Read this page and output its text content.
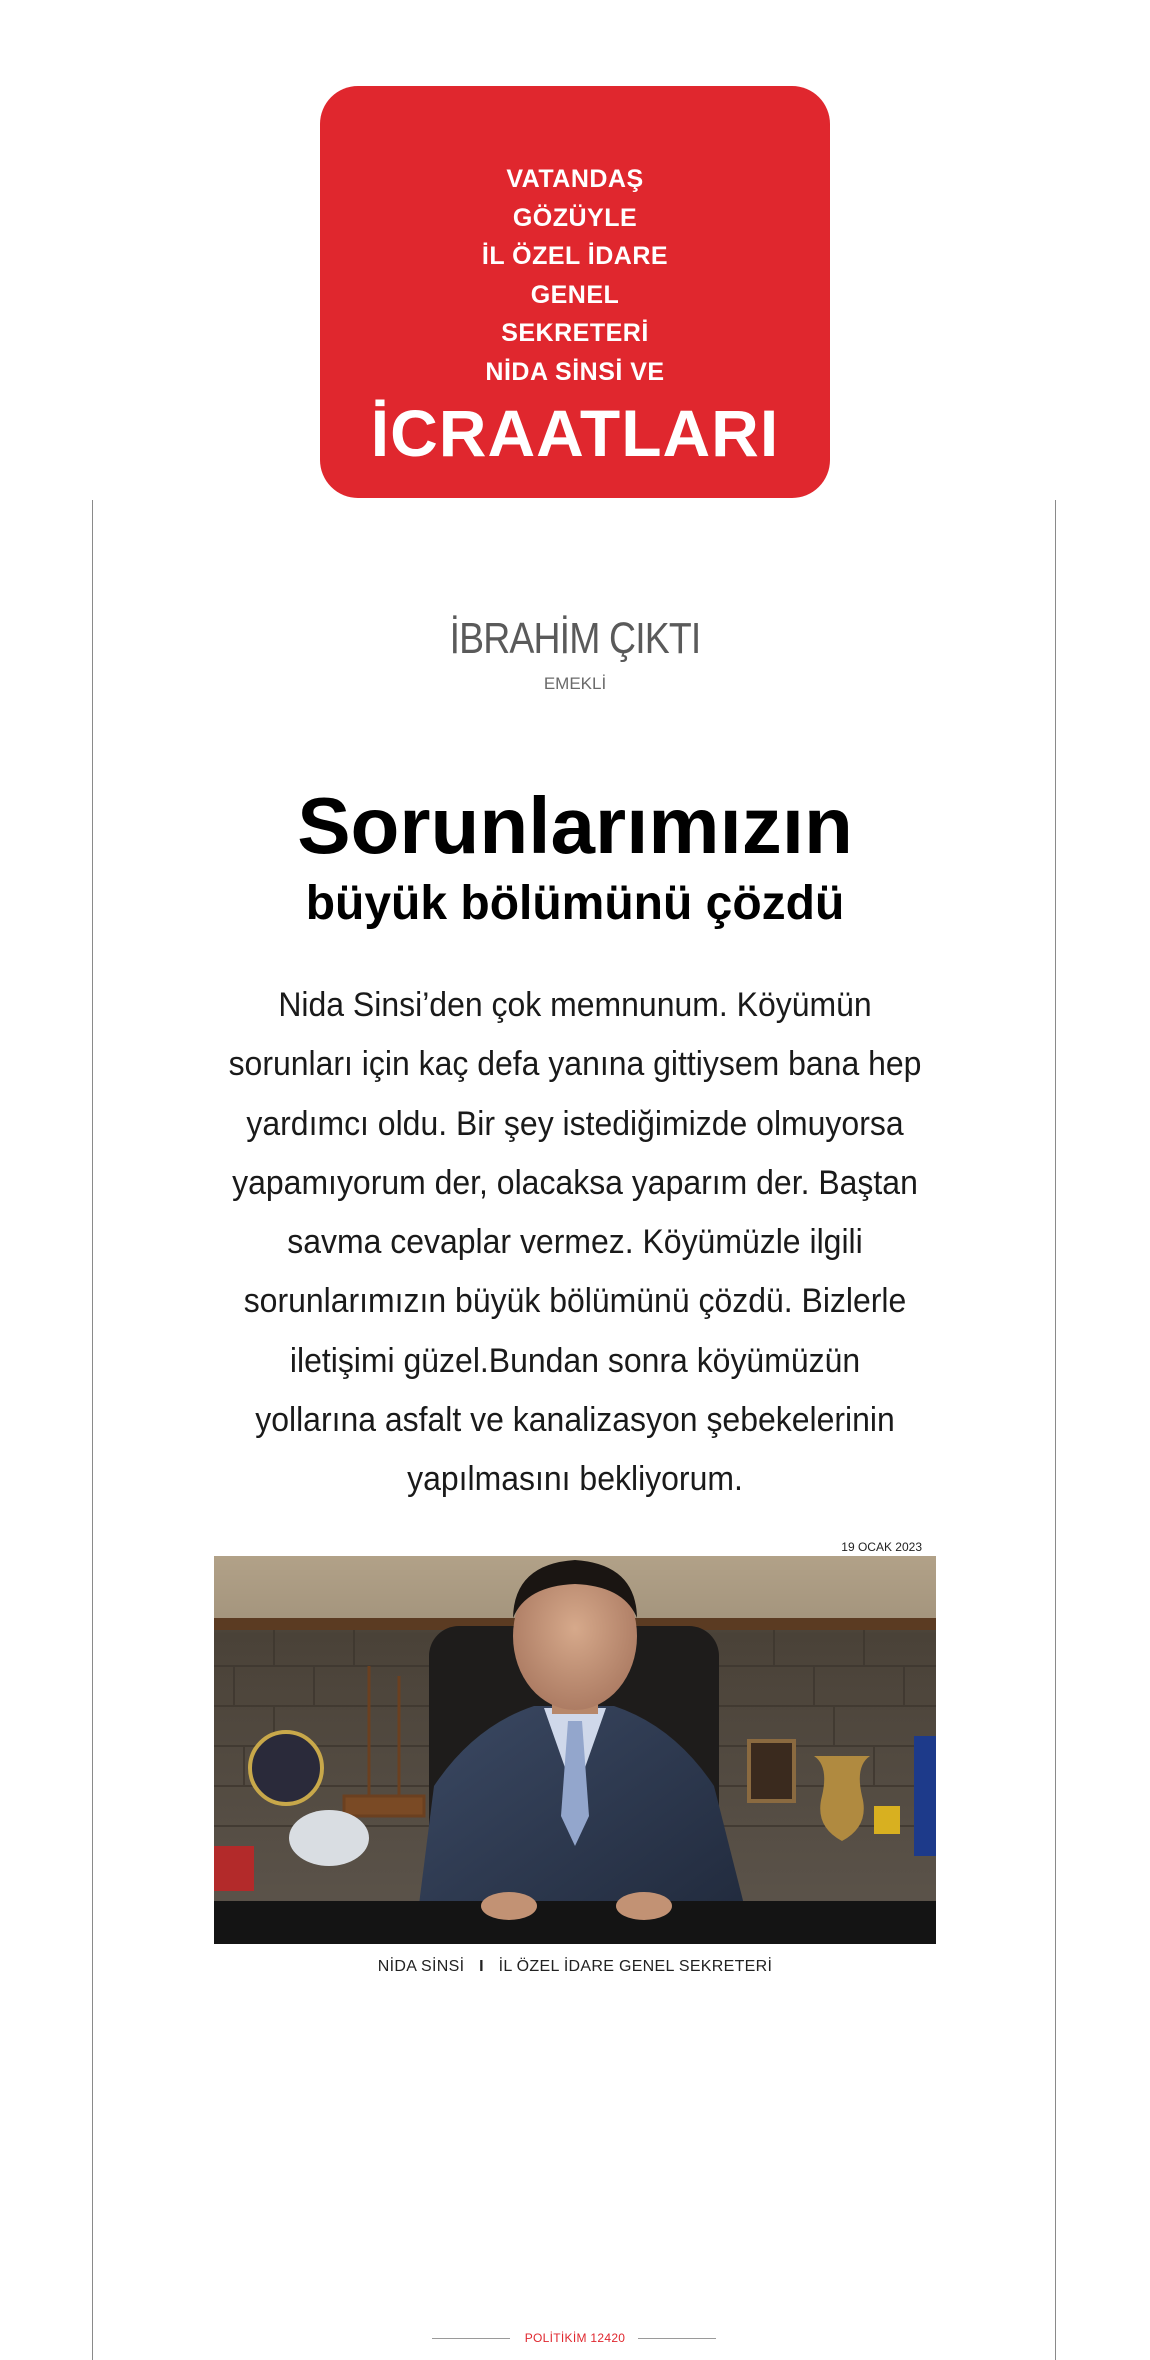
VATANDAŞ
GÖZÜYLE
İL ÖZEL İDARE
GENEL
SEKRETERİ
NİDA SİNSİ VE
İCRAATLARI
İBRAHİM ÇIKTI
EMEKLİ
Sorunlarımızın
büyük bölümünü çözdü
Nida Sinsi’den çok memnunum. Köyümün
sorunları için kaç defa yanına gittiysem bana hep
yardımcı oldu. Bir şey istediğimizde olmuyorsa
yapamıyorum der, olacaksa yaparım der. Baştan
savma cevaplar vermez. Köyümüzle ilgili
sorunlarımızın büyük bölümünü çözdü. Bizlerle
iletişimi güzel.Bundan sonra köyümüzün
yollarına asfalt ve kanalizasyon şebekelerinin
yapılmasını bekliyorum.
19 OCAK 2023
NİDA SİNSİ I İL ÖZEL İDARE GENEL SEKRETERİ
POLİTİKİM 12420
